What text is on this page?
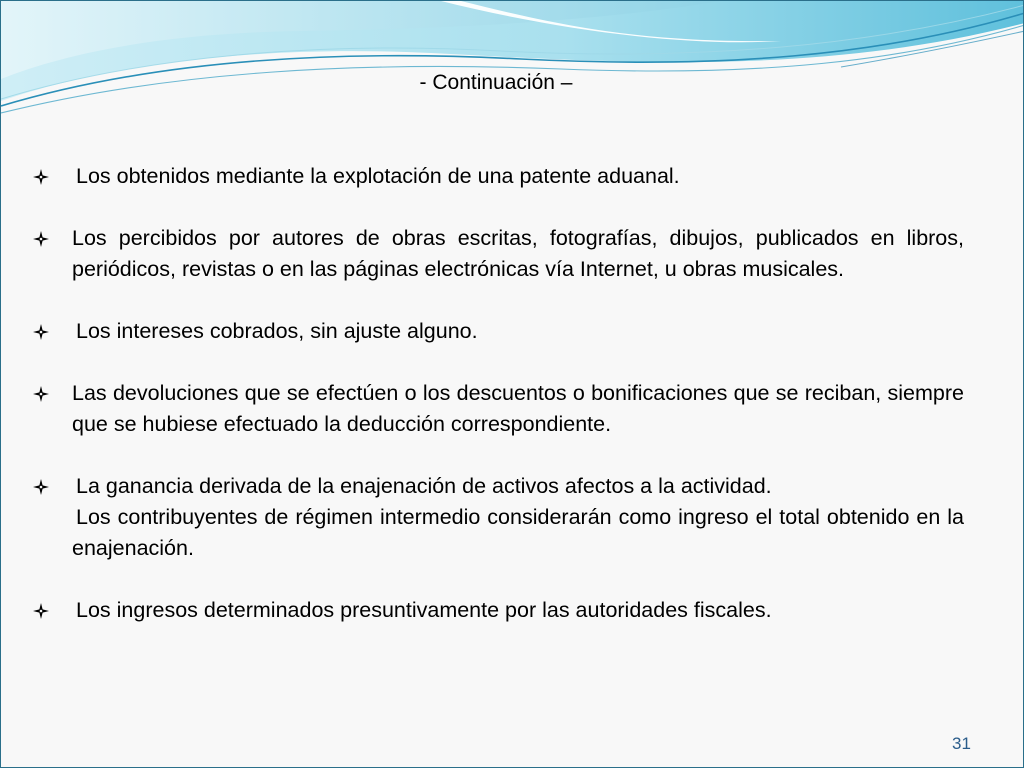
- Continuación –
Los obtenidos mediante la explotación de una patente aduanal.
Los percibidos por autores de obras escritas, fotografías, dibujos, publicados en libros, periódicos, revistas o en las páginas electrónicas vía Internet, u obras musicales.
Los intereses cobrados, sin ajuste alguno.
Las devoluciones que se efectúen o los descuentos o bonificaciones que se reciban, siempre que se hubiese efectuado la deducción correspondiente.
La ganancia derivada de la enajenación de activos afectos a la actividad.
Los contribuyentes de régimen intermedio considerarán como ingreso el total obtenido en la enajenación.
Los ingresos determinados presuntivamente por las autoridades fiscales.
31
